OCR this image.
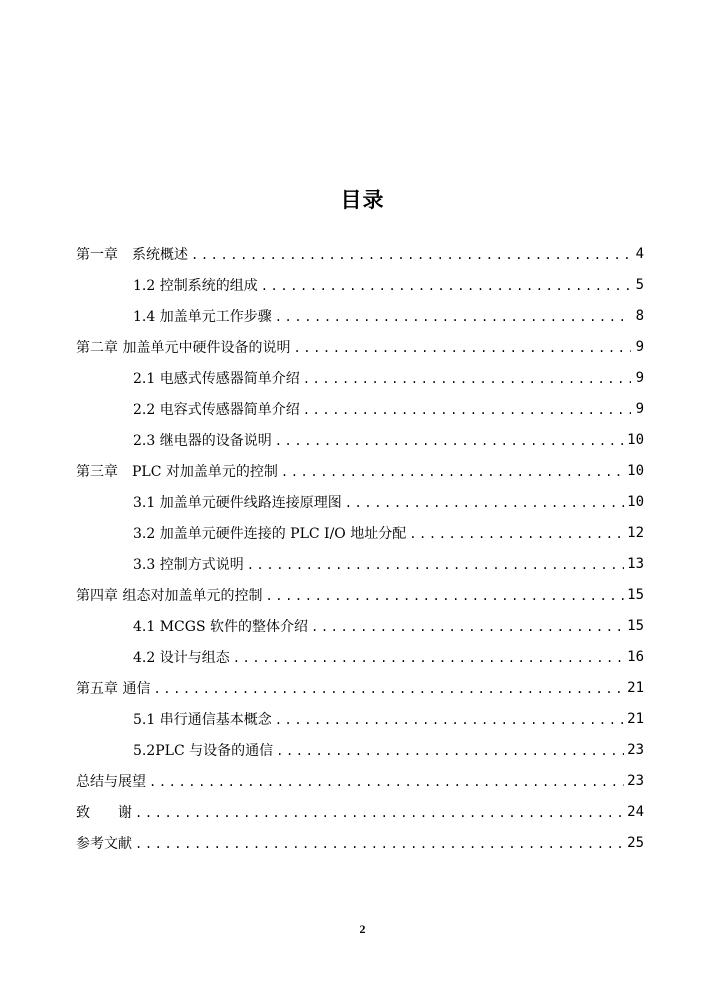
目录
第一章　系统概述 .....	4
1.2 控制系统的组成 .....	5
1.4 加盖单元工作步骤 .....	8
第二章 加盖单元中硬件设备的说明 .....	9
2.1 电感式传感器简单介绍 .....	9
2.2 电容式传感器简单介绍 .....	9
2.3 继电器的设备说明 .....	10
第三章　PLC 对加盖单元的控制 .....	10
3.1 加盖单元硬件线路连接原理图 .....	10
3.2 加盖单元硬件连接的 PLC I/O 地址分配 .....	12
3.3 控制方式说明 .....	13
第四章 组态对加盖单元的控制 .....	15
4.1 MCGS 软件的整体介绍 .....	15
4.2 设计与组态 .....	16
第五章 通信 .....	21
5.1 串行通信基本概念 .....	21
5.2PLC 与设备的通信 .....	23
总结与展望 .....	23
致　　谢 .....	24
参考文献 .....	25
2
